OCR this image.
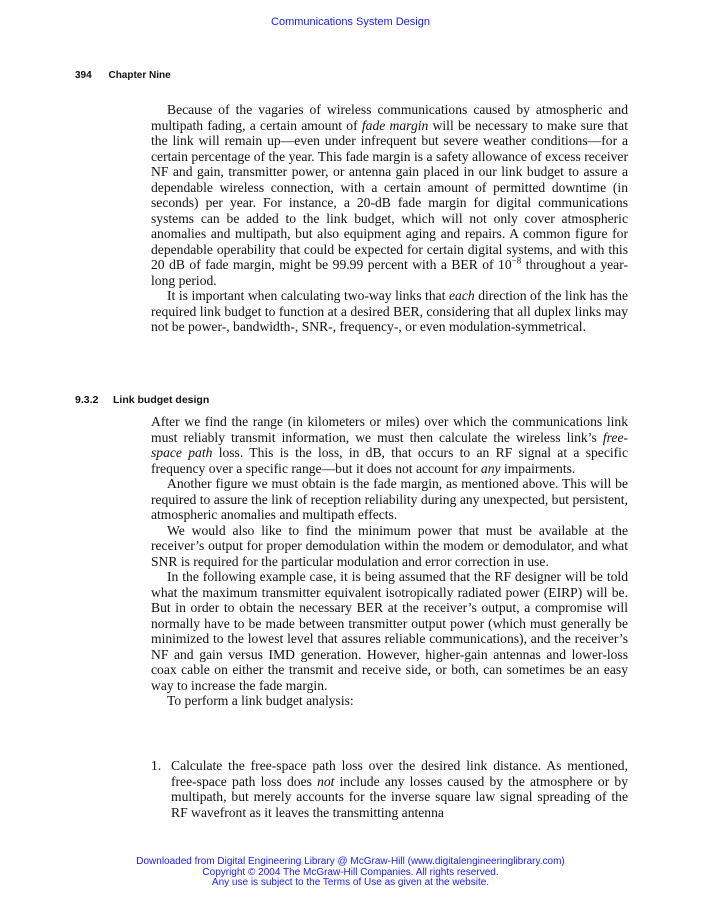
Communications System Design
394 Chapter Nine

Because of the vagaries of wireless communications caused by atmospheric and multipath fading, a certain amount of fade margin will be necessary to make sure that the link will remain up—even under infrequent but severe weather conditions—for a certain percentage of the year. This fade margin is a safety allowance of excess receiver NF and gain, transmitter power, or antenna gain placed in our link budget to assure a dependable wireless connection, with a certain amount of permitted downtime (in seconds) per year. For instance, a 20-dB fade margin for digital communications systems can be added to the link budget, which will not only cover atmospheric anomalies and multipath, but also equipment aging and repairs. A common figure for dependable operability that could be expected for certain digital systems, and with this 20 dB of fade margin, might be 99.99 percent with a BER of $10^{-8}$ throughout a year-long period.

It is important when calculating two-way links that each direction of the link has the required link budget to function at a desired BER, considering that all duplex links may not be power-, bandwidth-, SNR-, frequency-, or even modulation-symmetrical.

9.3.2 Link budget design

After we find the range (in kilometers or miles) over which the communications link must reliably transmit information, we must then calculate the wireless link’s free-space path loss. This is the loss, in dB, that occurs to an RF signal at a specific frequency over a specific range—but it does not account for any impairments.

Another figure we must obtain is the fade margin, as mentioned above. This will be required to assure the link of reception reliability during any unexpected, but persistent, atmospheric anomalies and multipath effects.

We would also like to find the minimum power that must be available at the receiver’s output for proper demodulation within the modem or demodulator, and what SNR is required for the particular modulation and error correction in use.

In the following example case, it is being assumed that the RF designer will be told what the maximum transmitter equivalent isotropically radiated power (EIRP) will be. But in order to obtain the necessary BER at the receiver’s output, a compromise will normally have to be made between transmitter output power (which must generally be minimized to the lowest level that assures reliable communications), and the receiver’s NF and gain versus IMD generation. However, higher-gain antennas and lower-loss coax cable on either the transmit and receive side, or both, can sometimes be an easy way to increase the fade margin.

To perform a link budget analysis:

1. Calculate the free-space path loss over the desired link distance. As mentioned, free-space path loss does not include any losses caused by the atmosphere or by multipath, but merely accounts for the inverse square law signal spreading of the RF wavefront as it leaves the transmitting antenna
Downloaded from Digital Engineering Library @ McGraw-Hill (www.digitalengineeringlibrary.com)
Copyright © 2004 The McGraw-Hill Companies. All rights reserved.
Any use is subject to the Terms of Use as given at the website.
